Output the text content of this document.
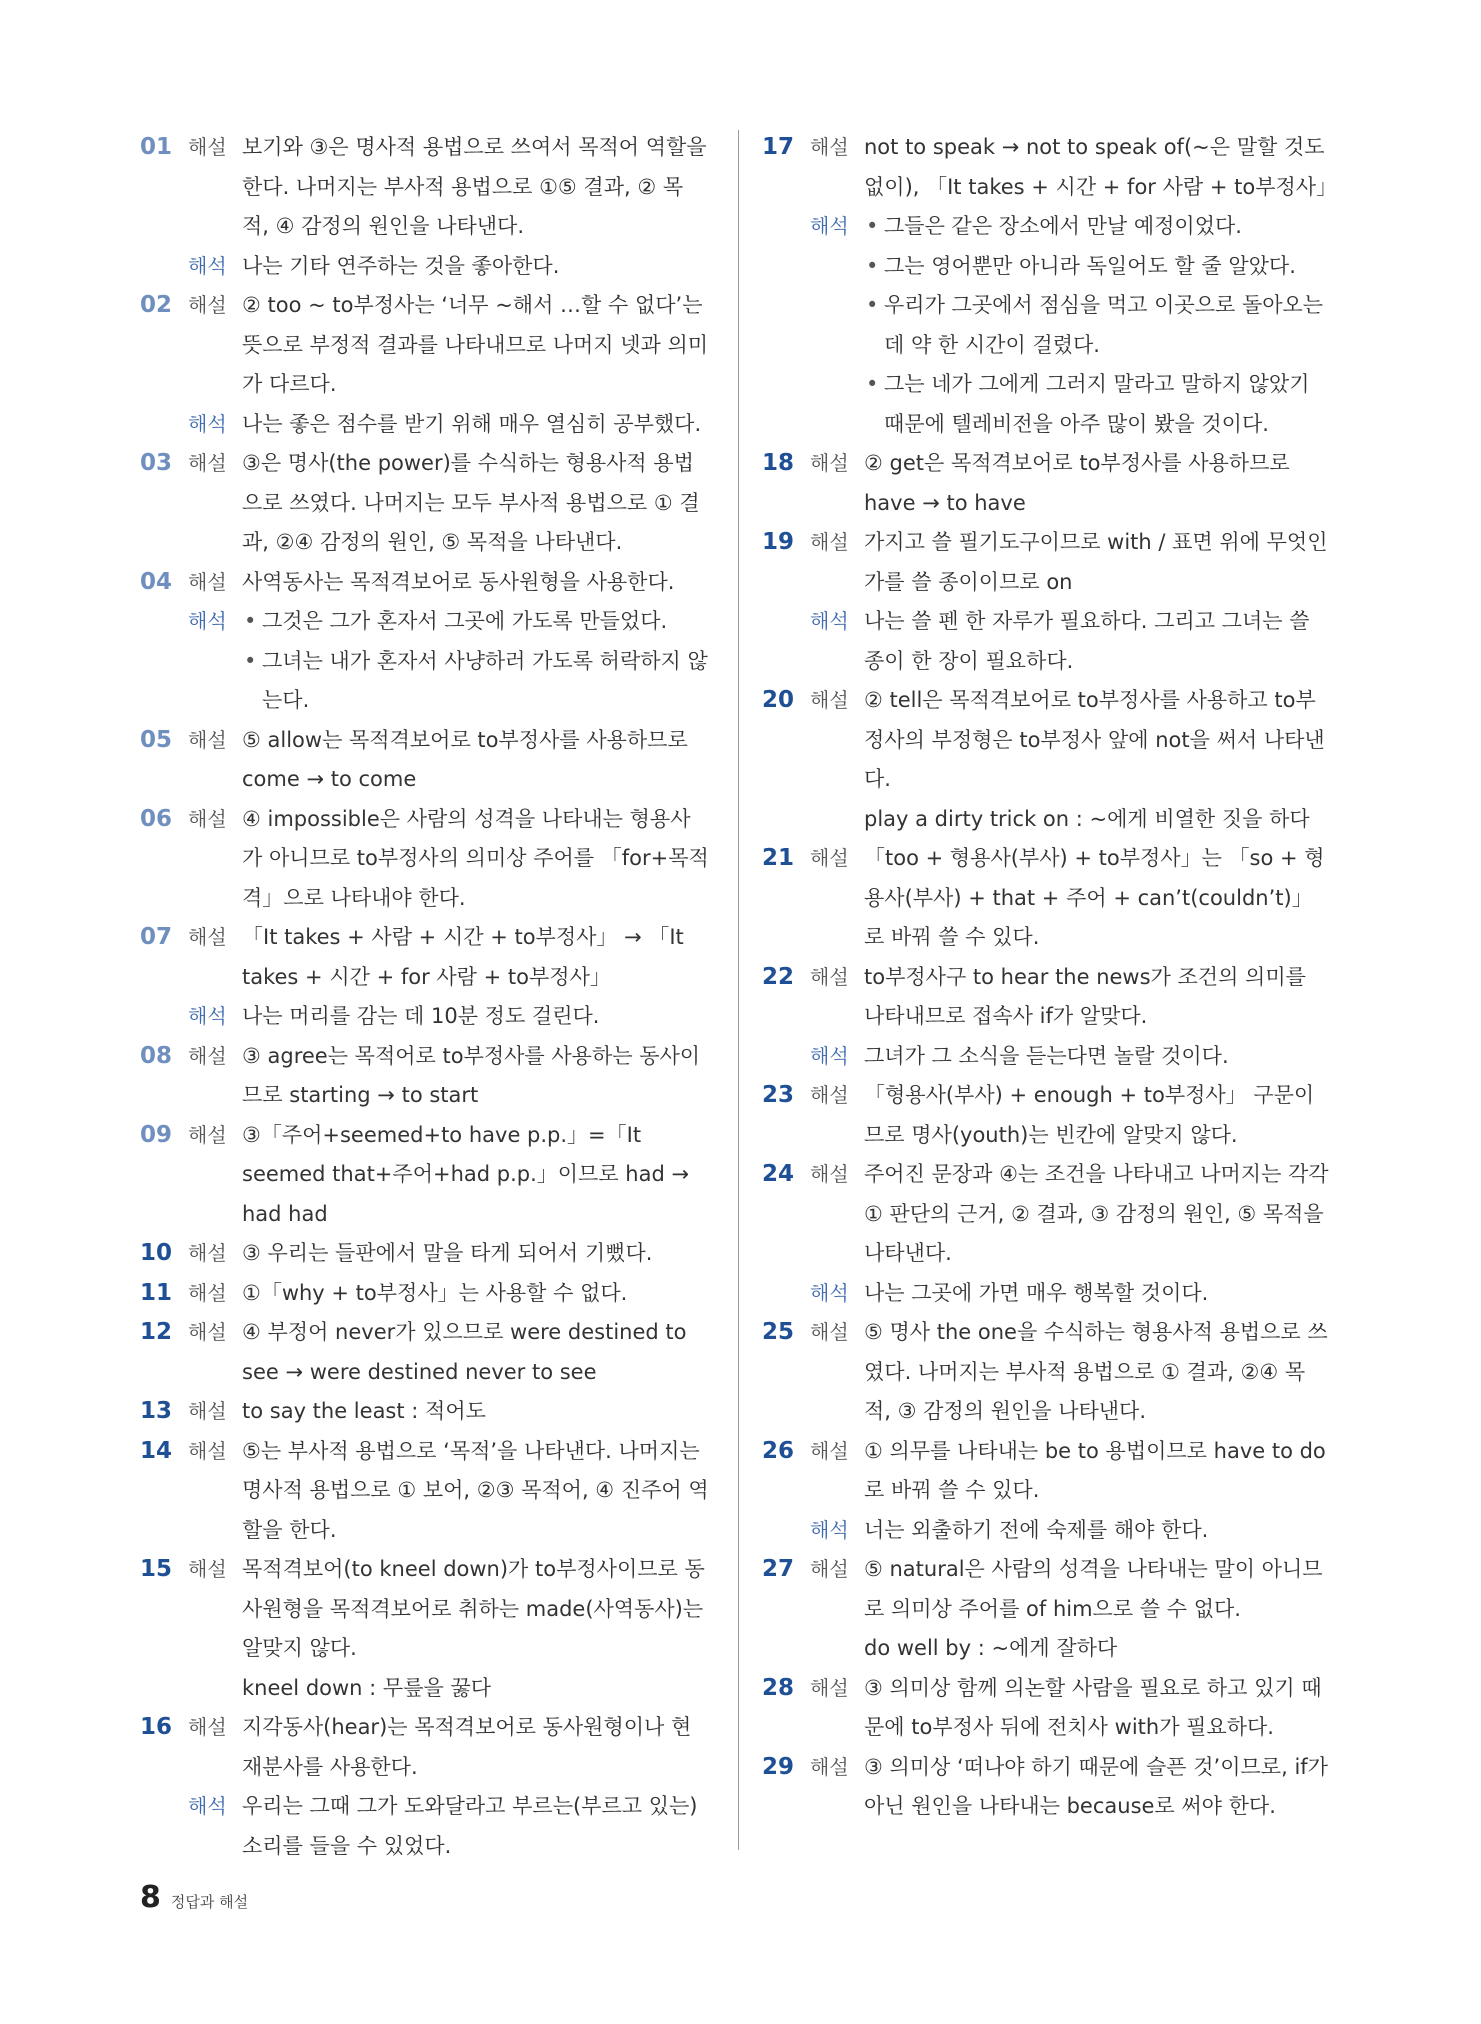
01 해설 보기와 ③은 명사적 용법으로 쓰여서 목적어 역할을 한다. 나머지는 부사적 용법으로 ①⑤ 결과, ② 목적, ④ 감정의 원인을 나타낸다.
해석 나는 기타 연주하는 것을 좋아한다.
02 해설 ② too ~ to부정사는 ‘너무 ~해서 …할 수 없다’는 뜻으로 부정적 결과를 나타내므로 나머지 넷과 의미가 다르다.
해석 나는 좋은 점수를 받기 위해 매우 열심히 공부했다.
03 해설 ③은 명사(the power)를 수식하는 형용사적 용법으로 쓰였다. 나머지는 모두 부사적 용법으로 ① 결과, ②④ 감정의 원인, ⑤ 목적을 나타낸다.
04 해설 사역동사는 목적격보어로 동사원형을 사용한다.
해석	• 그것은 그가 혼자서 그곳에 가도록 만들었다.
• 그녀는 내가 혼자서 사냥하러 가도록 허락하지 않는다.
05 해설 ⑤ allow는 목적격보어로 to부정사를 사용하므로 come → to come
06 해설 ④ impossible은 사람의 성격을 나타내는 형용사가 아니므로 to부정사의 의미상 주어를 「for+목적격」으로 나타내야 한다.
07 해설 「It takes + 사람 + 시간 + to부정사」 → 「It takes + 시간 + for 사람 + to부정사」
해석 나는 머리를 감는 데 10분 정도 걸린다.
08 해설 ③ agree는 목적어로 to부정사를 사용하는 동사이므로 starting → to start
09 해설 ③「주어+seemed+to have p.p.」=「It seemed that+주어+had p.p.」이므로 had → had had
10 해설 ③ 우리는 들판에서 말을 타게 되어서 기뻤다.
11 해설 ①「why + to부정사」는 사용할 수 없다.
12 해설 ④ 부정어 never가 있으므로 were destined to see → were destined never to see
13 해설 to say the least : 적어도
14 해설 ⑤는 부사적 용법으로 ‘목적’을 나타낸다. 나머지는 명사적 용법으로 ① 보어, ②③ 목적어, ④ 진주어 역할을 한다.
15 해설 목적격보어(to kneel down)가 to부정사이므로 동사원형을 목적격보어로 취하는 made(사역동사)는 알맞지 않다.
kneel down : 무릎을 꿇다
16 해설 지각동사(hear)는 목적격보어로 동사원형이나 현재분사를 사용한다.
해석 우리는 그때 그가 도와달라고 부르는(부르고 있는) 소리를 들을 수 있었다.
17 해설 not to speak → not to speak of(~은 말할 것도 없이), 「It takes + 시간 + for 사람 + to부정사」
해석	• 그들은 같은 장소에서 만날 예정이었다.
• 그는 영어뿐만 아니라 독일어도 할 줄 알았다.
• 우리가 그곳에서 점심을 먹고 이곳으로 돌아오는 데 약 한 시간이 걸렸다.
• 그는 네가 그에게 그러지 말라고 말하지 않았기 때문에 텔레비전을 아주 많이 봤을 것이다.
18 해설 ② get은 목적격보어로 to부정사를 사용하므로 have → to have
19 해설 가지고 쓸 필기도구이므로 with / 표면 위에 무엇인가를 쓸 종이이므로 on
해석 나는 쓸 펜 한 자루가 필요하다. 그리고 그녀는 쓸 종이 한 장이 필요하다.
20 해설 ② tell은 목적격보어로 to부정사를 사용하고 to부정사의 부정형은 to부정사 앞에 not을 써서 나타낸다.
play a dirty trick on : ~에게 비열한 짓을 하다
21 해설 「too + 형용사(부사) + to부정사」는 「so + 형용사(부사) + that + 주어 + can’t(couldn’t)」로 바꿔 쓸 수 있다.
22 해설 to부정사구 to hear the news가 조건의 의미를 나타내므로 접속사 if가 알맞다.
해석 그녀가 그 소식을 듣는다면 놀랄 것이다.
23 해설 「형용사(부사) + enough + to부정사」 구문이므로 명사(youth)는 빈칸에 알맞지 않다.
24 해설 주어진 문장과 ④는 조건을 나타내고 나머지는 각각 ① 판단의 근거, ② 결과, ③ 감정의 원인, ⑤ 목적을 나타낸다.
해석 나는 그곳에 가면 매우 행복할 것이다.
25 해설 ⑤ 명사 the one을 수식하는 형용사적 용법으로 쓰였다. 나머지는 부사적 용법으로 ① 결과, ②④ 목적, ③ 감정의 원인을 나타낸다.
26 해설 ① 의무를 나타내는 be to 용법이므로 have to do로 바꿔 쓸 수 있다.
해석 너는 외출하기 전에 숙제를 해야 한다.
27 해설 ⑤ natural은 사람의 성격을 나타내는 말이 아니므로 의미상 주어를 of him으로 쓸 수 없다.
do well by : ~에게 잘하다
28 해설 ③ 의미상 함께 의논할 사람을 필요로 하고 있기 때문에 to부정사 뒤에 전치사 with가 필요하다.
29 해설 ③ 의미상 ‘떠나야 하기 때문에 슬픈 것’이므로, if가 아닌 원인을 나타내는 because로 써야 한다.
8 정답과 해설
